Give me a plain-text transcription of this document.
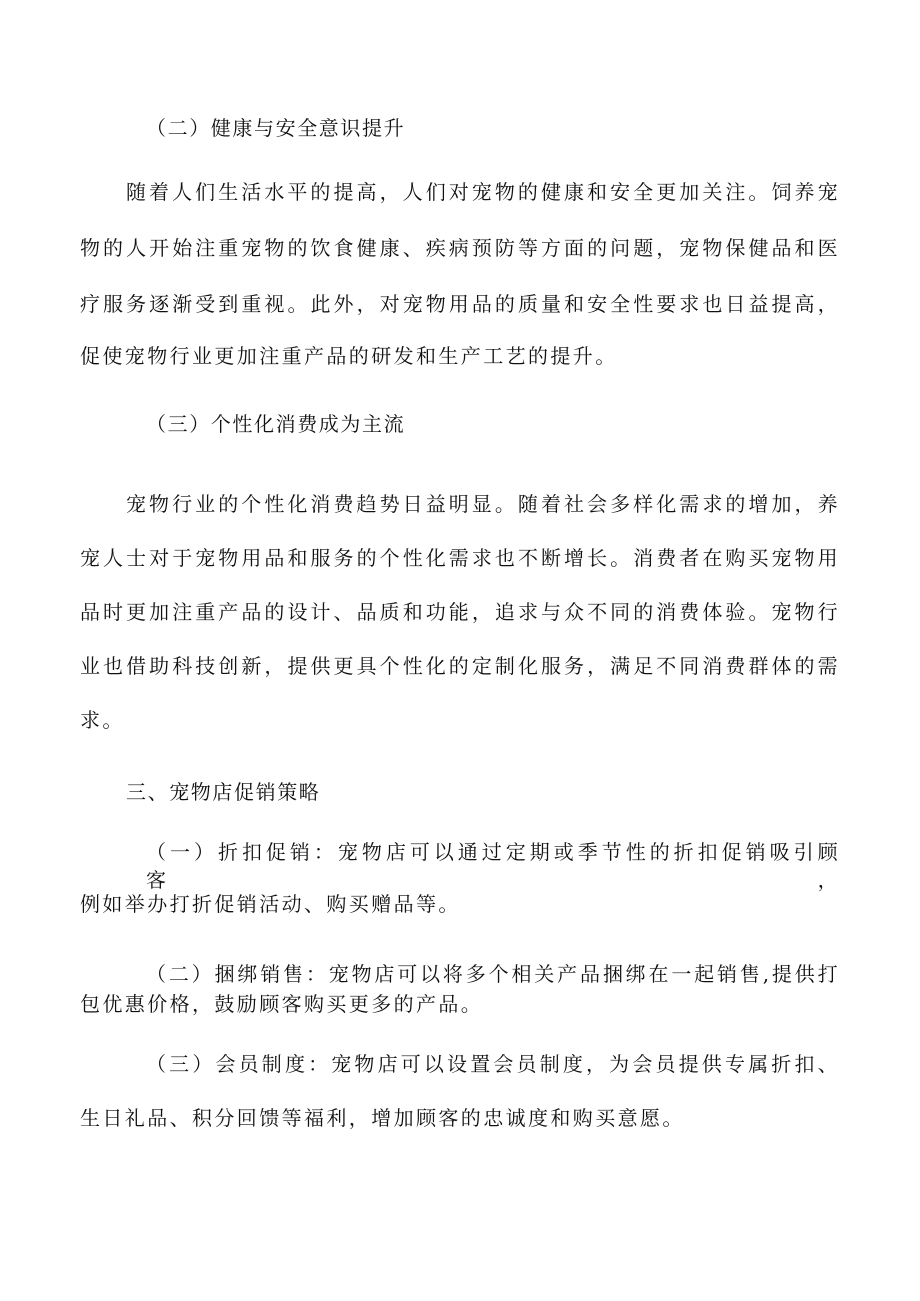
（二）健康与安全意识提升
随着人们生活水平的提高，人们对宠物的健康和安全更加关注。饲养宠
物的人开始注重宠物的饮食健康、疾病预防等方面的问题，宠物保健品和医
疗服务逐渐受到重视。此外，对宠物用品的质量和安全性要求也日益提高，
促使宠物行业更加注重产品的研发和生产工艺的提升。
（三）个性化消费成为主流
宠物行业的个性化消费趋势日益明显。随着社会多样化需求的增加，养
宠人士对于宠物用品和服务的个性化需求也不断增长。消费者在购买宠物用
品时更加注重产品的设计、品质和功能，追求与众不同的消费体验。宠物行
业也借助科技创新，提供更具个性化的定制化服务，满足不同消费群体的需
求。
三、宠物店促销策略
（一）折扣促销：宠物店可以通过定期或季节性的折扣促销吸引顾客，
例如举办打折促销活动、购买赠品等。
（二）捆绑销售：宠物店可以将多个相关产品捆绑在一起销售,提供打
包优惠价格，鼓励顾客购买更多的产品。
（三）会员制度：宠物店可以设置会员制度，为会员提供专属折扣、
生日礼品、积分回馈等福利，增加顾客的忠诚度和购买意愿。
